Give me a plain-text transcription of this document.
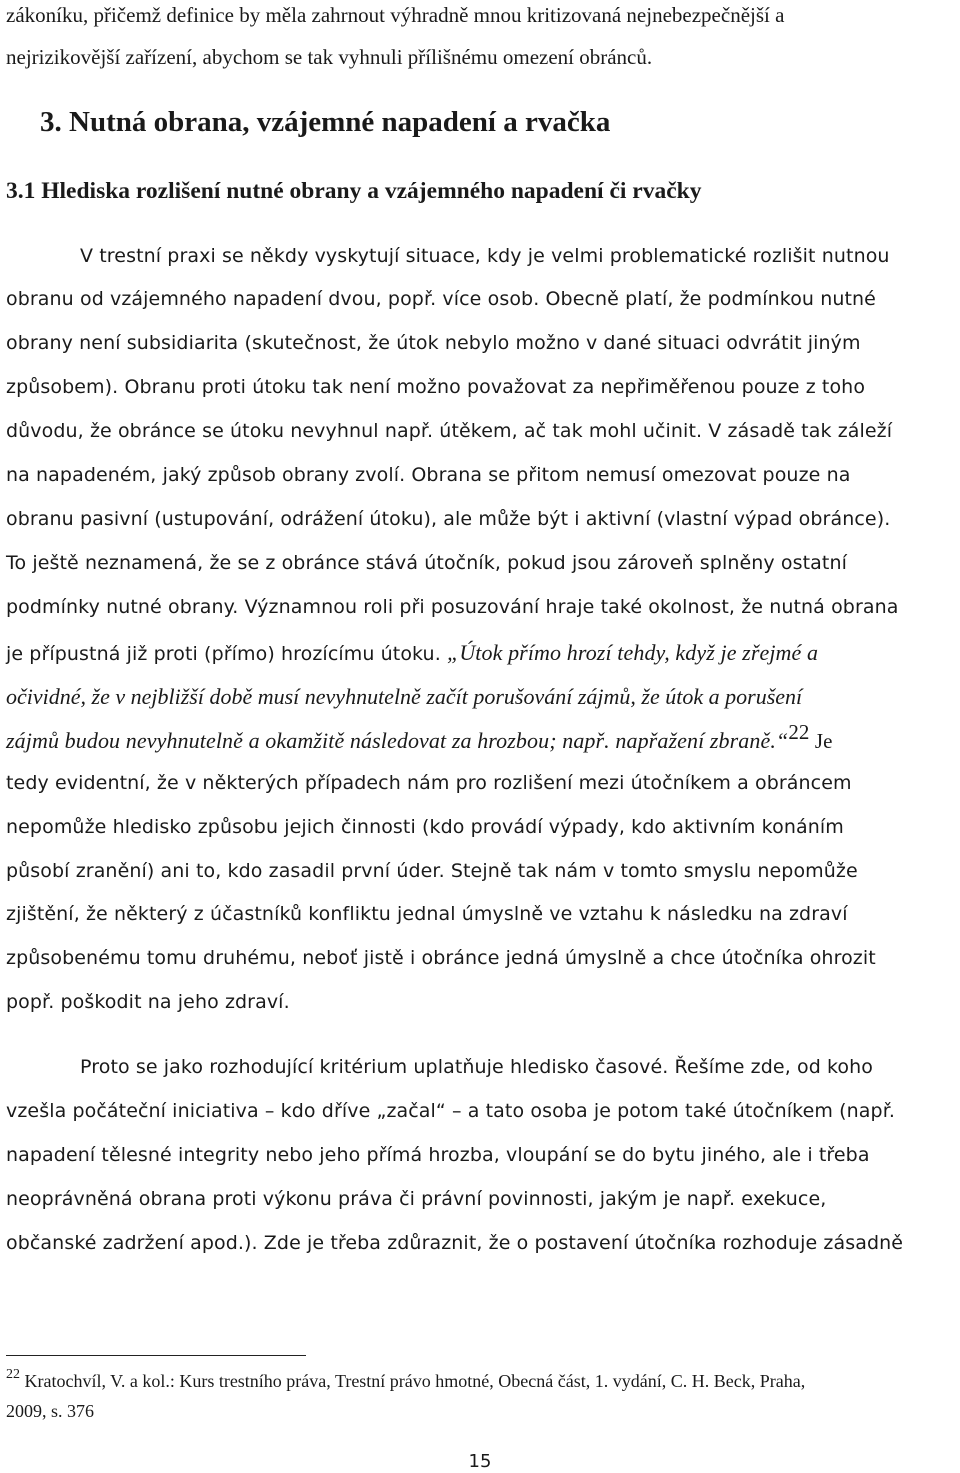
zákoníku, přičemž definice by měla zahrnout výhradně mnou kritizovaná nejnebezpečnější a

nejrizikovější zařízení, abychom se tak vyhnuli přílišnému omezení obránců.

3. Nutná obrana, vzájemné napadení a rvačka
3.1 Hlediska rozlišení nutné obrany a vzájemného napadení či rvačky

V trestní praxi se někdy vyskytují situace, kdy je velmi problematické rozlišit nutnou

obranu od vzájemného napadení dvou, popř. více osob. Obecně platí, že podmínkou nutné

obrany není subsidiarita (skutečnost, že útok nebylo možno v dané situaci odvrátit jiným

způsobem). Obranu proti útoku tak není možno považovat za nepřiměřenou pouze z toho

důvodu, že obránce se útoku nevyhnul např. útěkem, ač tak mohl učinit. V zásadě tak záleží

na napadeném, jaký způsob obrany zvolí. Obrana se přitom nemusí omezovat pouze na

obranu pasivní (ustupování, odrážení útoku), ale může být i aktivní (vlastní výpad obránce).

To ještě neznamená, že se z obránce stává útočník, pokud jsou zároveň splněny ostatní

podmínky nutné obrany. Významnou roli při posuzování hraje také okolnost, že nutná obrana

je přípustná již proti (přímo) hrozícímu útoku. „Útok přímo hrozí tehdy, když je zřejmé a

očividné, že v nejbližší době musí nevyhnutelně začít porušování zájmů, že útok a porušení

zájmů budou nevyhnutelně a okamžitě následovat za hrozbou; např. napřažení zbraně.“$^{22}$ Je

tedy evidentní, že v některých případech nám pro rozlišení mezi útočníkem a obráncem

nepomůže hledisko způsobu jejich činnosti (kdo provádí výpady, kdo aktivním konáním

působí zranění) ani to, kdo zasadil první úder. Stejně tak nám v tomto smyslu nepomůže

zjištění, že některý z účastníků konfliktu jednal úmyslně ve vztahu k následku na zdraví

způsobenému tomu druhému, neboť jistě i obránce jedná úmyslně a chce útočníka ohrozit

popř. poškodit na jeho zdraví.

Proto se jako rozhodující kritérium uplatňuje hledisko časové. Řešíme zde, od koho

vzešla počáteční iniciativa – kdo dříve „začal“ – a tato osoba je potom také útočníkem (např.

napadení tělesné integrity nebo jeho přímá hrozba, vloupání se do bytu jiného, ale i třeba

neoprávněná obrana proti výkonu práva či právní povinnosti, jakým je např. exekuce,

občanské zadržení apod.). Zde je třeba zdůraznit, že o postavení útočníka rozhoduje zásadně

$^{22}$ Kratochvíl, V. a kol.: Kurs trestního práva, Trestní právo hmotné, Obecná část, 1. vydání, C. H. Beck, Praha,

2009, s. 376

15
